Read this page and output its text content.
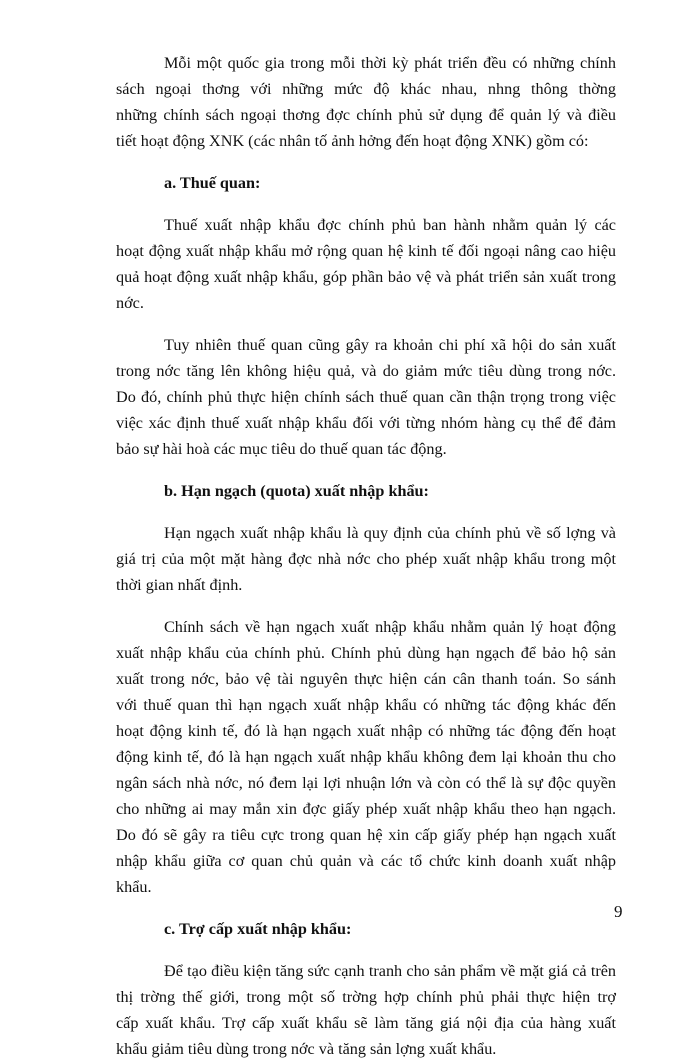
Mỗi một quốc gia trong mỗi thời kỳ phát triển đều có những chính
sách ngoại thơng với những mức độ khác nhau, nhng thông thờng
những chính sách ngoại thơng đợc chính phủ sử dụng để quản lý và điều
tiết hoạt động XNK (các nhân tố ảnh hởng đến hoạt động XNK) gồm có:
a. Thuế quan:
Thuế xuất nhập khẩu đợc chính phủ ban hành nhằm quản lý các
hoạt động xuất nhập khẩu mở rộng quan hệ kinh tế đối ngoại nâng cao hiệu
quả hoạt động xuất nhập khẩu, góp phần bảo vệ và phát triển sản xuất trong
nớc.
Tuy nhiên thuế quan cũng gây ra khoản chi phí xã hội do sản xuất
trong nớc tăng lên không hiệu quả, và do giảm mức tiêu dùng trong nớc.
Do đó, chính phủ thực hiện chính sách thuế quan cần thận trọng trong việc
việc xác định thuế xuất nhập khẩu đối với từng nhóm hàng cụ thể để đảm
bảo sự hài hoà các mục tiêu do thuế quan tác động.
b. Hạn ngạch (quota) xuất nhập khẩu:
Hạn ngạch xuất nhập khẩu là quy định của chính phủ về số lợng và
giá trị của một mặt hàng đợc nhà nớc cho phép xuất nhập khẩu trong một
thời gian nhất định.
Chính sách về hạn ngạch xuất nhập khẩu nhằm quản lý hoạt động
xuất nhập khẩu của chính phủ. Chính phủ dùng hạn ngạch để bảo hộ sản
xuất trong nớc, bảo vệ tài nguyên thực hiện cán cân thanh toán. So sánh
với thuế quan thì hạn ngạch xuất nhập khẩu có những tác động khác đến
hoạt động kinh tế, đó là hạn ngạch xuất nhập có những tác động đến hoạt
động kinh tế, đó là hạn ngạch xuất nhập khẩu không đem lại khoản thu cho
ngân sách nhà nớc, nó đem lại lợi nhuận lớn và còn có thể là sự độc quyền
cho những ai may mắn xin đợc giấy phép xuất nhập khẩu theo hạn ngạch.
Do đó sẽ gây ra tiêu cực trong quan hệ xin cấp giấy phép hạn ngạch xuất
nhập khẩu giữa cơ quan chủ quản và các tổ chức kinh doanh xuất nhập
khẩu.
c. Trợ cấp xuất nhập khẩu:
Để tạo điều kiện tăng sức cạnh tranh cho sản phẩm về mặt giá cả trên
thị trờng thế giới, trong một số trờng hợp chính phủ phải thực hiện trợ
cấp xuất khẩu. Trợ cấp xuất khẩu sẽ làm tăng giá nội địa của hàng xuất
khẩu giảm tiêu dùng trong nớc và tăng sản lợng xuất khẩu.
9
